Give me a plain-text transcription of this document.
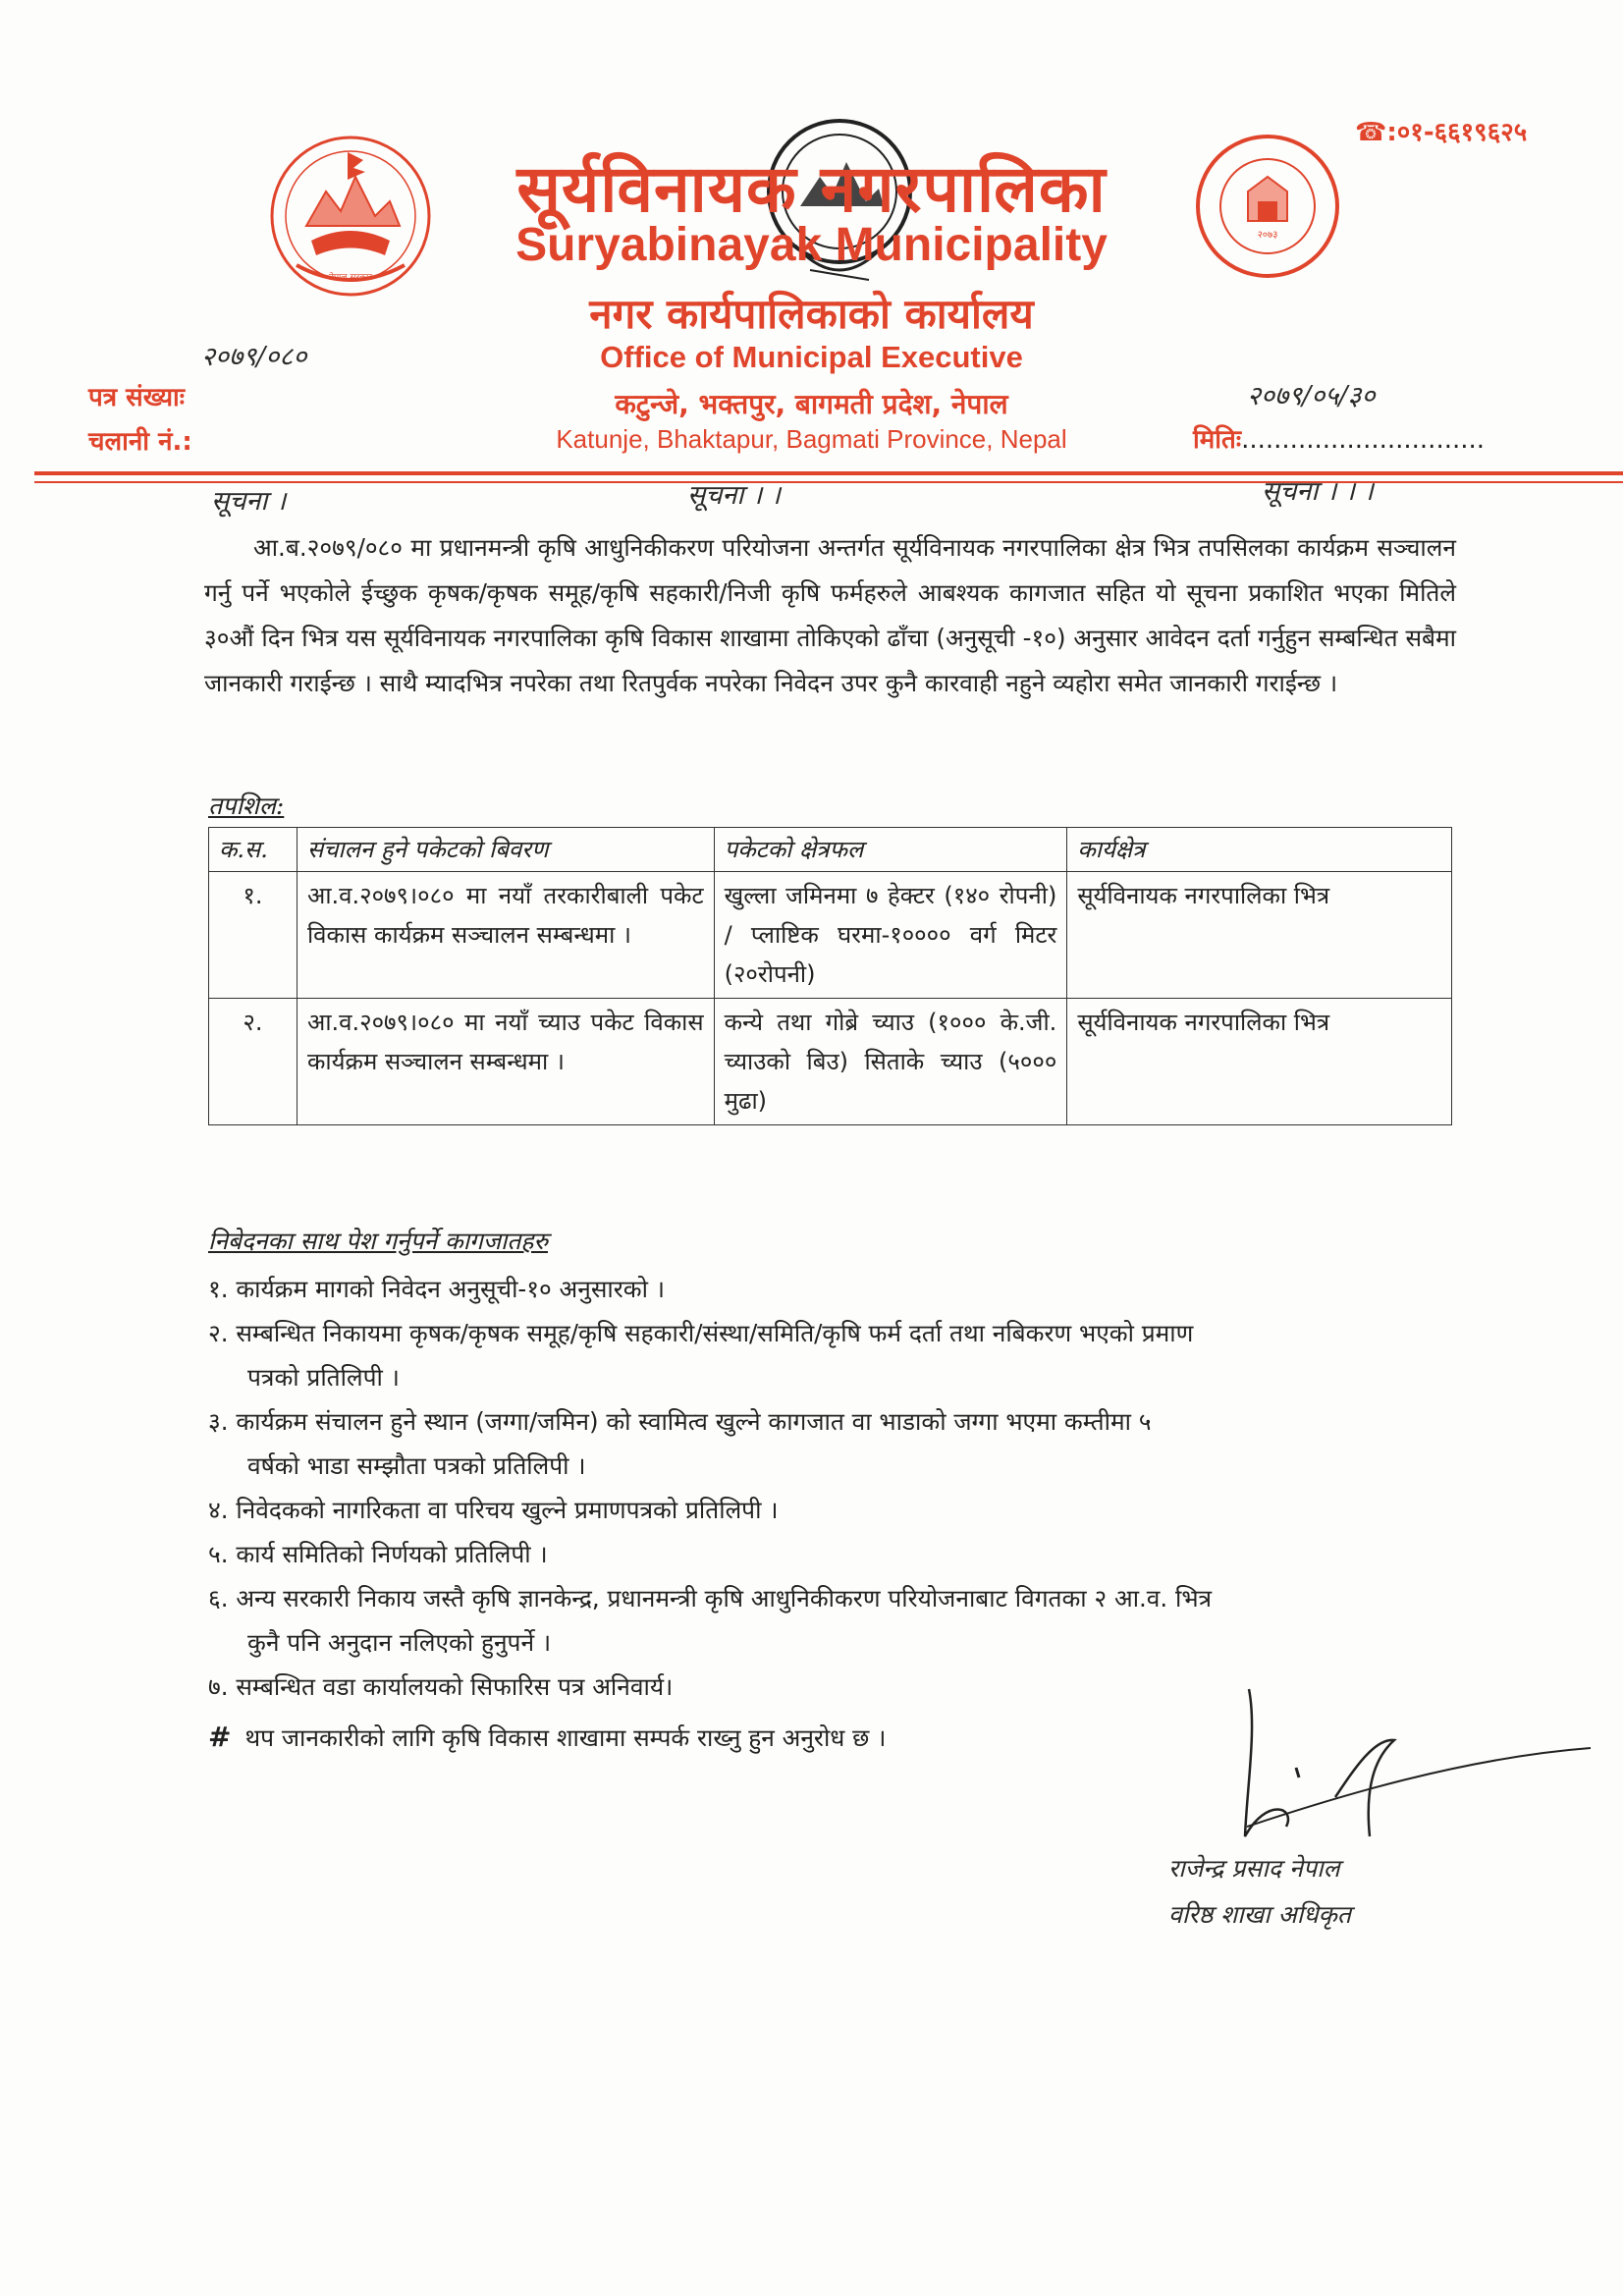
नेपाल सरकार
२०७३
☎:०१-६६१९६२५
सूर्यविनायक नगरपालिका
Suryabinayak Municipality
नगर कार्यपालिकाको कार्यालय
Office of Municipal Executive
कटुन्जे, भक्तपुर, बागमती प्रदेश, नेपाल
Katunje, Bhaktapur, Bagmati Province, Nepal
२०७९/०८०
पत्र संख्याः
चलानी नं.:
२०७९/०५/३०
मितिः..............................
सूचना ।	सूचना । ।	सूचना । । ।

आ.ब.२०७९/०८० मा प्रधानमन्त्री कृषि आधुनिकीकरण परियोजना अन्तर्गत सूर्यविनायक नगरपालिका क्षेत्र भित्र तपसिलका कार्यक्रम सञ्चालन गर्नु पर्ने भएकोले ईच्छुक कृषक/कृषक समूह/कृषि सहकारी/निजी कृषि फर्महरुले आबश्यक कागजात सहित यो सूचना प्रकाशित भएका मितिले ३०औं दिन भित्र यस सूर्यविनायक नगरपालिका कृषि विकास शाखामा तोकिएको ढाँचा (अनुसूची -१०) अनुसार आवेदन दर्ता गर्नुहुन सम्बन्धित सबैमा जानकारी गराईन्छ । साथै म्यादभित्र नपरेका तथा रितपुर्वक नपरेका निवेदन उपर कुनै कारवाही नहुने व्यहोरा समेत जानकारी गराईन्छ ।

तपशिल:
क.स.	संचालन हुने पकेटको बिवरण	पकेटको क्षेत्रफल	कार्यक्षेत्र
१.	आ.व.२०७९।०८० मा नयाँ तरकारीबाली पकेट विकास कार्यक्रम सञ्चालन सम्बन्धमा ।	खुल्ला जमिनमा ७ हेक्टर (१४० रोपनी) / प्लाष्टिक घरमा-१०००० वर्ग मिटर (२०रोपनी)	सूर्यविनायक नगरपालिका भित्र
२.	आ.व.२०७९।०८० मा नयाँ च्याउ पकेट विकास कार्यक्रम सञ्चालन सम्बन्धमा ।	कन्ये तथा गोब्रे च्याउ (१००० के.जी. च्याउको बिउ) सिताके च्याउ (५००० मुढा)	सूर्यविनायक नगरपालिका भित्र
निबेदनका साथ पेश गर्नुपर्ने कागजातहरु
१. कार्यक्रम मागको निवेदन अनुसूची-१० अनुसारको ।
२. सम्बन्धित निकायमा कृषक/कृषक समूह/कृषि सहकारी/संस्था/समिति/कृषि फर्म दर्ता तथा नबिकरण भएको प्रमाण
पत्रको प्रतिलिपी ।
३. कार्यक्रम संचालन हुने स्थान (जग्गा/जमिन) को स्वामित्व खुल्ने कागजात वा भाडाको जग्गा भएमा कम्तीमा ५
वर्षको भाडा सम्झौता पत्रको प्रतिलिपी ।
४. निवेदकको नागरिकता वा परिचय खुल्ने प्रमाणपत्रको प्रतिलिपी ।
५. कार्य समितिको निर्णयको प्रतिलिपी ।
६. अन्य सरकारी निकाय जस्तै कृषि ज्ञानकेन्द्र, प्रधानमन्त्री कृषि आधुनिकीकरण परियोजनाबाट विगतका २ आ.व. भित्र
कुनै पनि अनुदान नलिएको हुनुपर्ने ।
७. सम्बन्धित वडा कार्यालयको सिफारिस पत्र अनिवार्य।
# थप जानकारीको लागि कृषि विकास शाखामा सम्पर्क राख्नु हुन अनुरोध छ ।
राजेन्द्र प्रसाद नेपाल
वरिष्ठ शाखा अधिकृत
